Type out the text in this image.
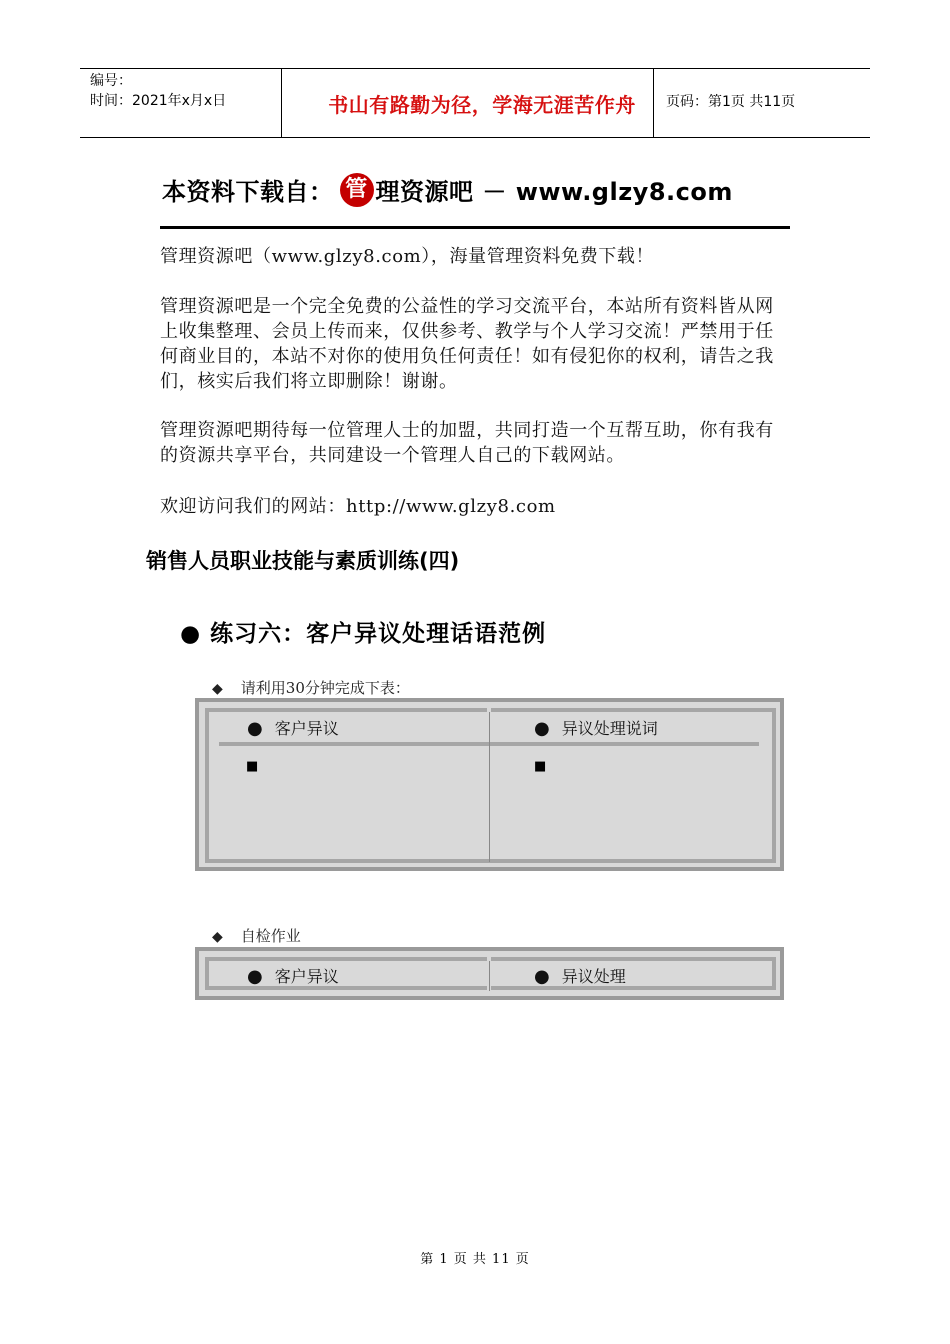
编号：
时间：2021年x月x日	书山有路勤为径，学海无涯苦作舟	页码：第1页 共11页
本资料下载自： 管 理资源吧 － www.glzy8.com
管理资源吧（www.glzy8.com），海量管理资料免费下载！
管理资源吧是一个完全免费的公益性的学习交流平台，本站所有资料皆从网上收集整理、会员上传而来，仅供参考、教学与个人学习交流！严禁用于任何商业目的，本站不对你的使用负任何责任！如有侵犯你的权利，请告之我们，核实后我们将立即删除！谢谢。
管理资源吧期待每一位管理人士的加盟，共同打造一个互帮互助，你有我有的资源共享平台，共同建设一个管理人自己的下载网站。
欢迎访问我们的网站：http://www.glzy8.com
销售人员职业技能与素质训练(四)
● 练习六：客户异议处理话语范例
◆ 请利用30分钟完成下表：
● 客户异议	● 异议处理说词
■	■
◆ 自检作业
● 客户异议	● 异议处理
第 1 页 共 11 页
